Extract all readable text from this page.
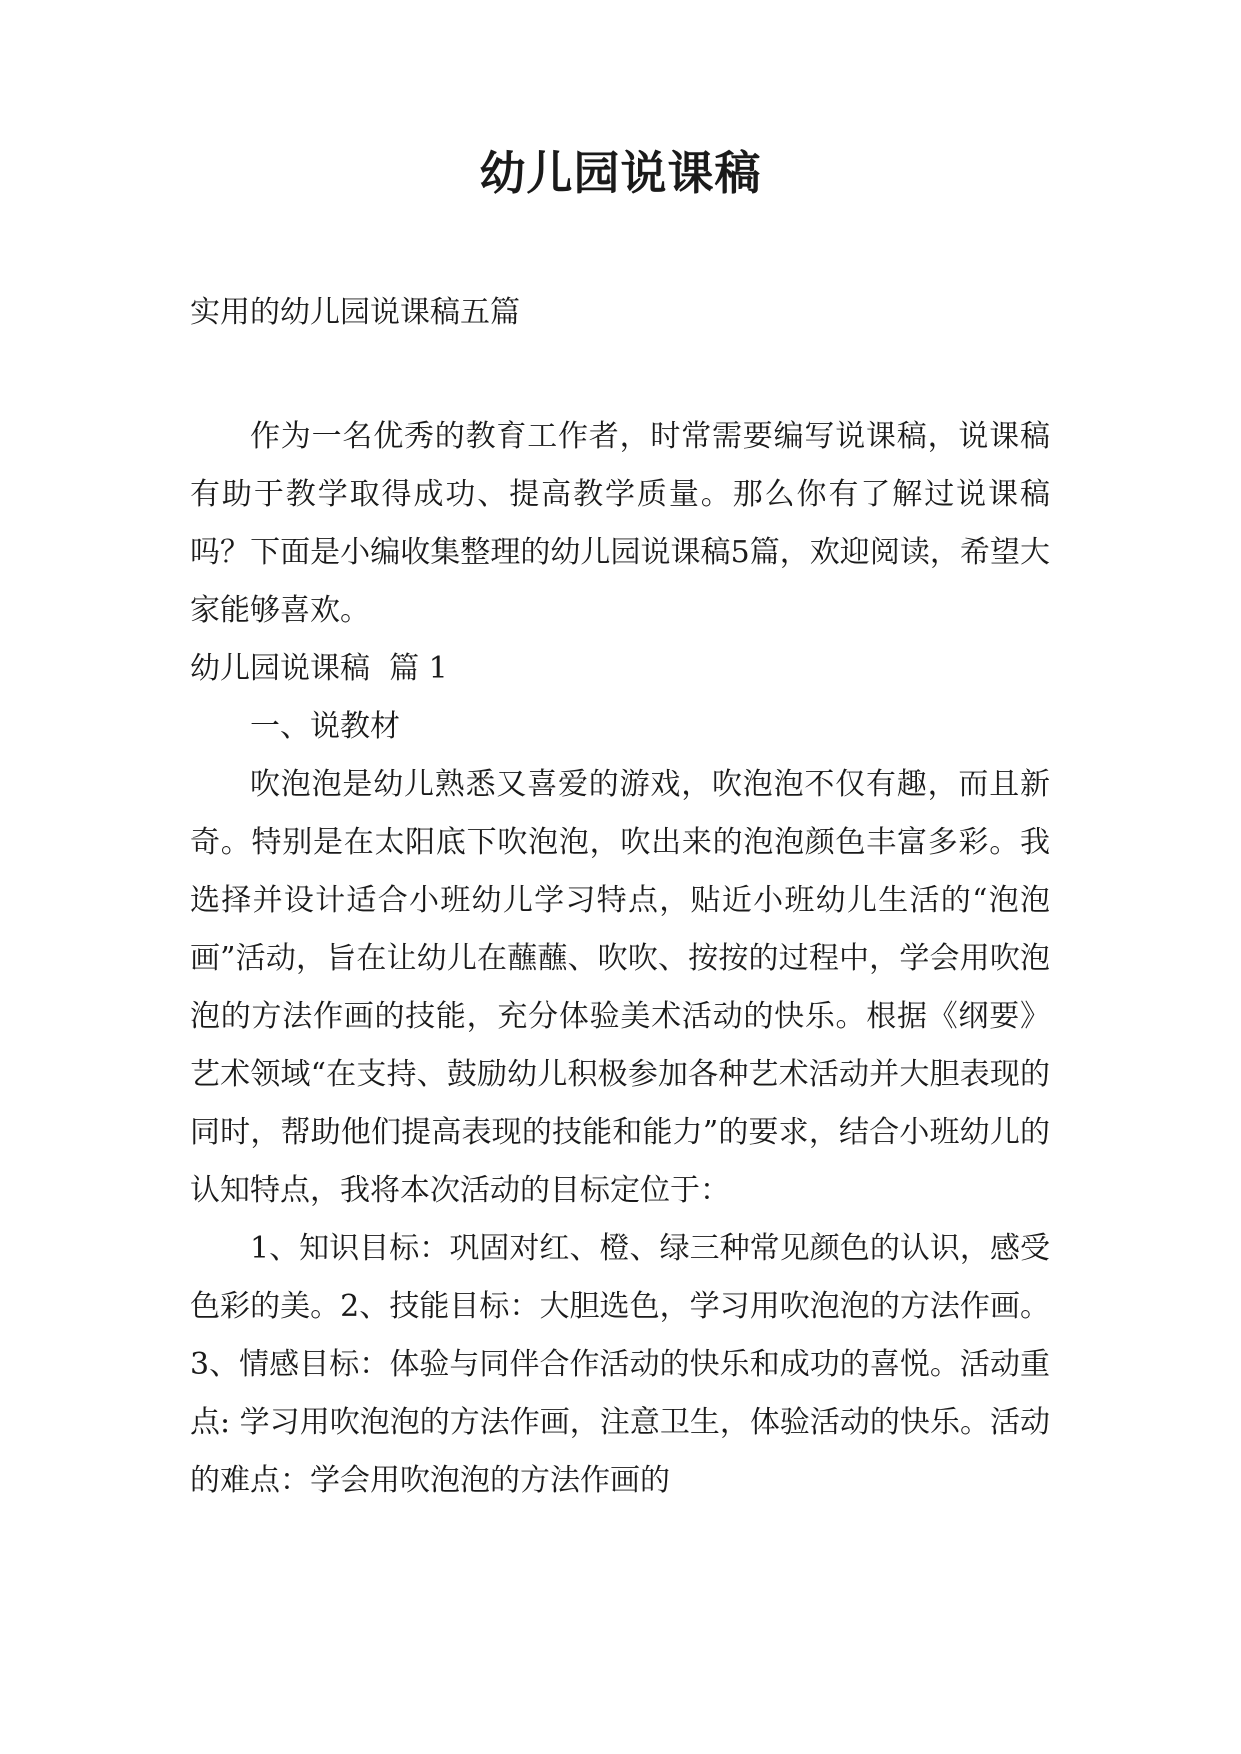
幼儿园说课稿

实用的幼儿园说课稿五篇

作为一名优秀的教育工作者，时常需要编写说课稿，说课稿有助于教学取得成功、提高教学质量。那么你有了解过说课稿吗？下面是小编收集整理的幼儿园说课稿5篇，欢迎阅读，希望大家能够喜欢。

幼儿园说课稿  篇 1

一、说教材

吹泡泡是幼儿熟悉又喜爱的游戏，吹泡泡不仅有趣，而且新奇。特别是在太阳底下吹泡泡，吹出来的泡泡颜色丰富多彩。我选择并设计适合小班幼儿学习特点，贴近小班幼儿生活的“泡泡画”活动，旨在让幼儿在蘸蘸、吹吹、按按的过程中，学会用吹泡泡的方法作画的技能，充分体验美术活动的快乐。根据《纲要》艺术领域“在支持、鼓励幼儿积极参加各种艺术活动并大胆表现的同时，帮助他们提高表现的技能和能力”的要求，结合小班幼儿的认知特点，我将本次活动的目标定位于：

1、知识目标：巩固对红、橙、绿三种常见颜色的认识，感受色彩的美。2、技能目标：大胆选色，学习用吹泡泡的方法作画。3、情感目标：体验与同伴合作活动的快乐和成功的喜悦。活动重点: 学习用吹泡泡的方法作画，注意卫生，体验活动的快乐。活动的难点：学会用吹泡泡的方法作画的
